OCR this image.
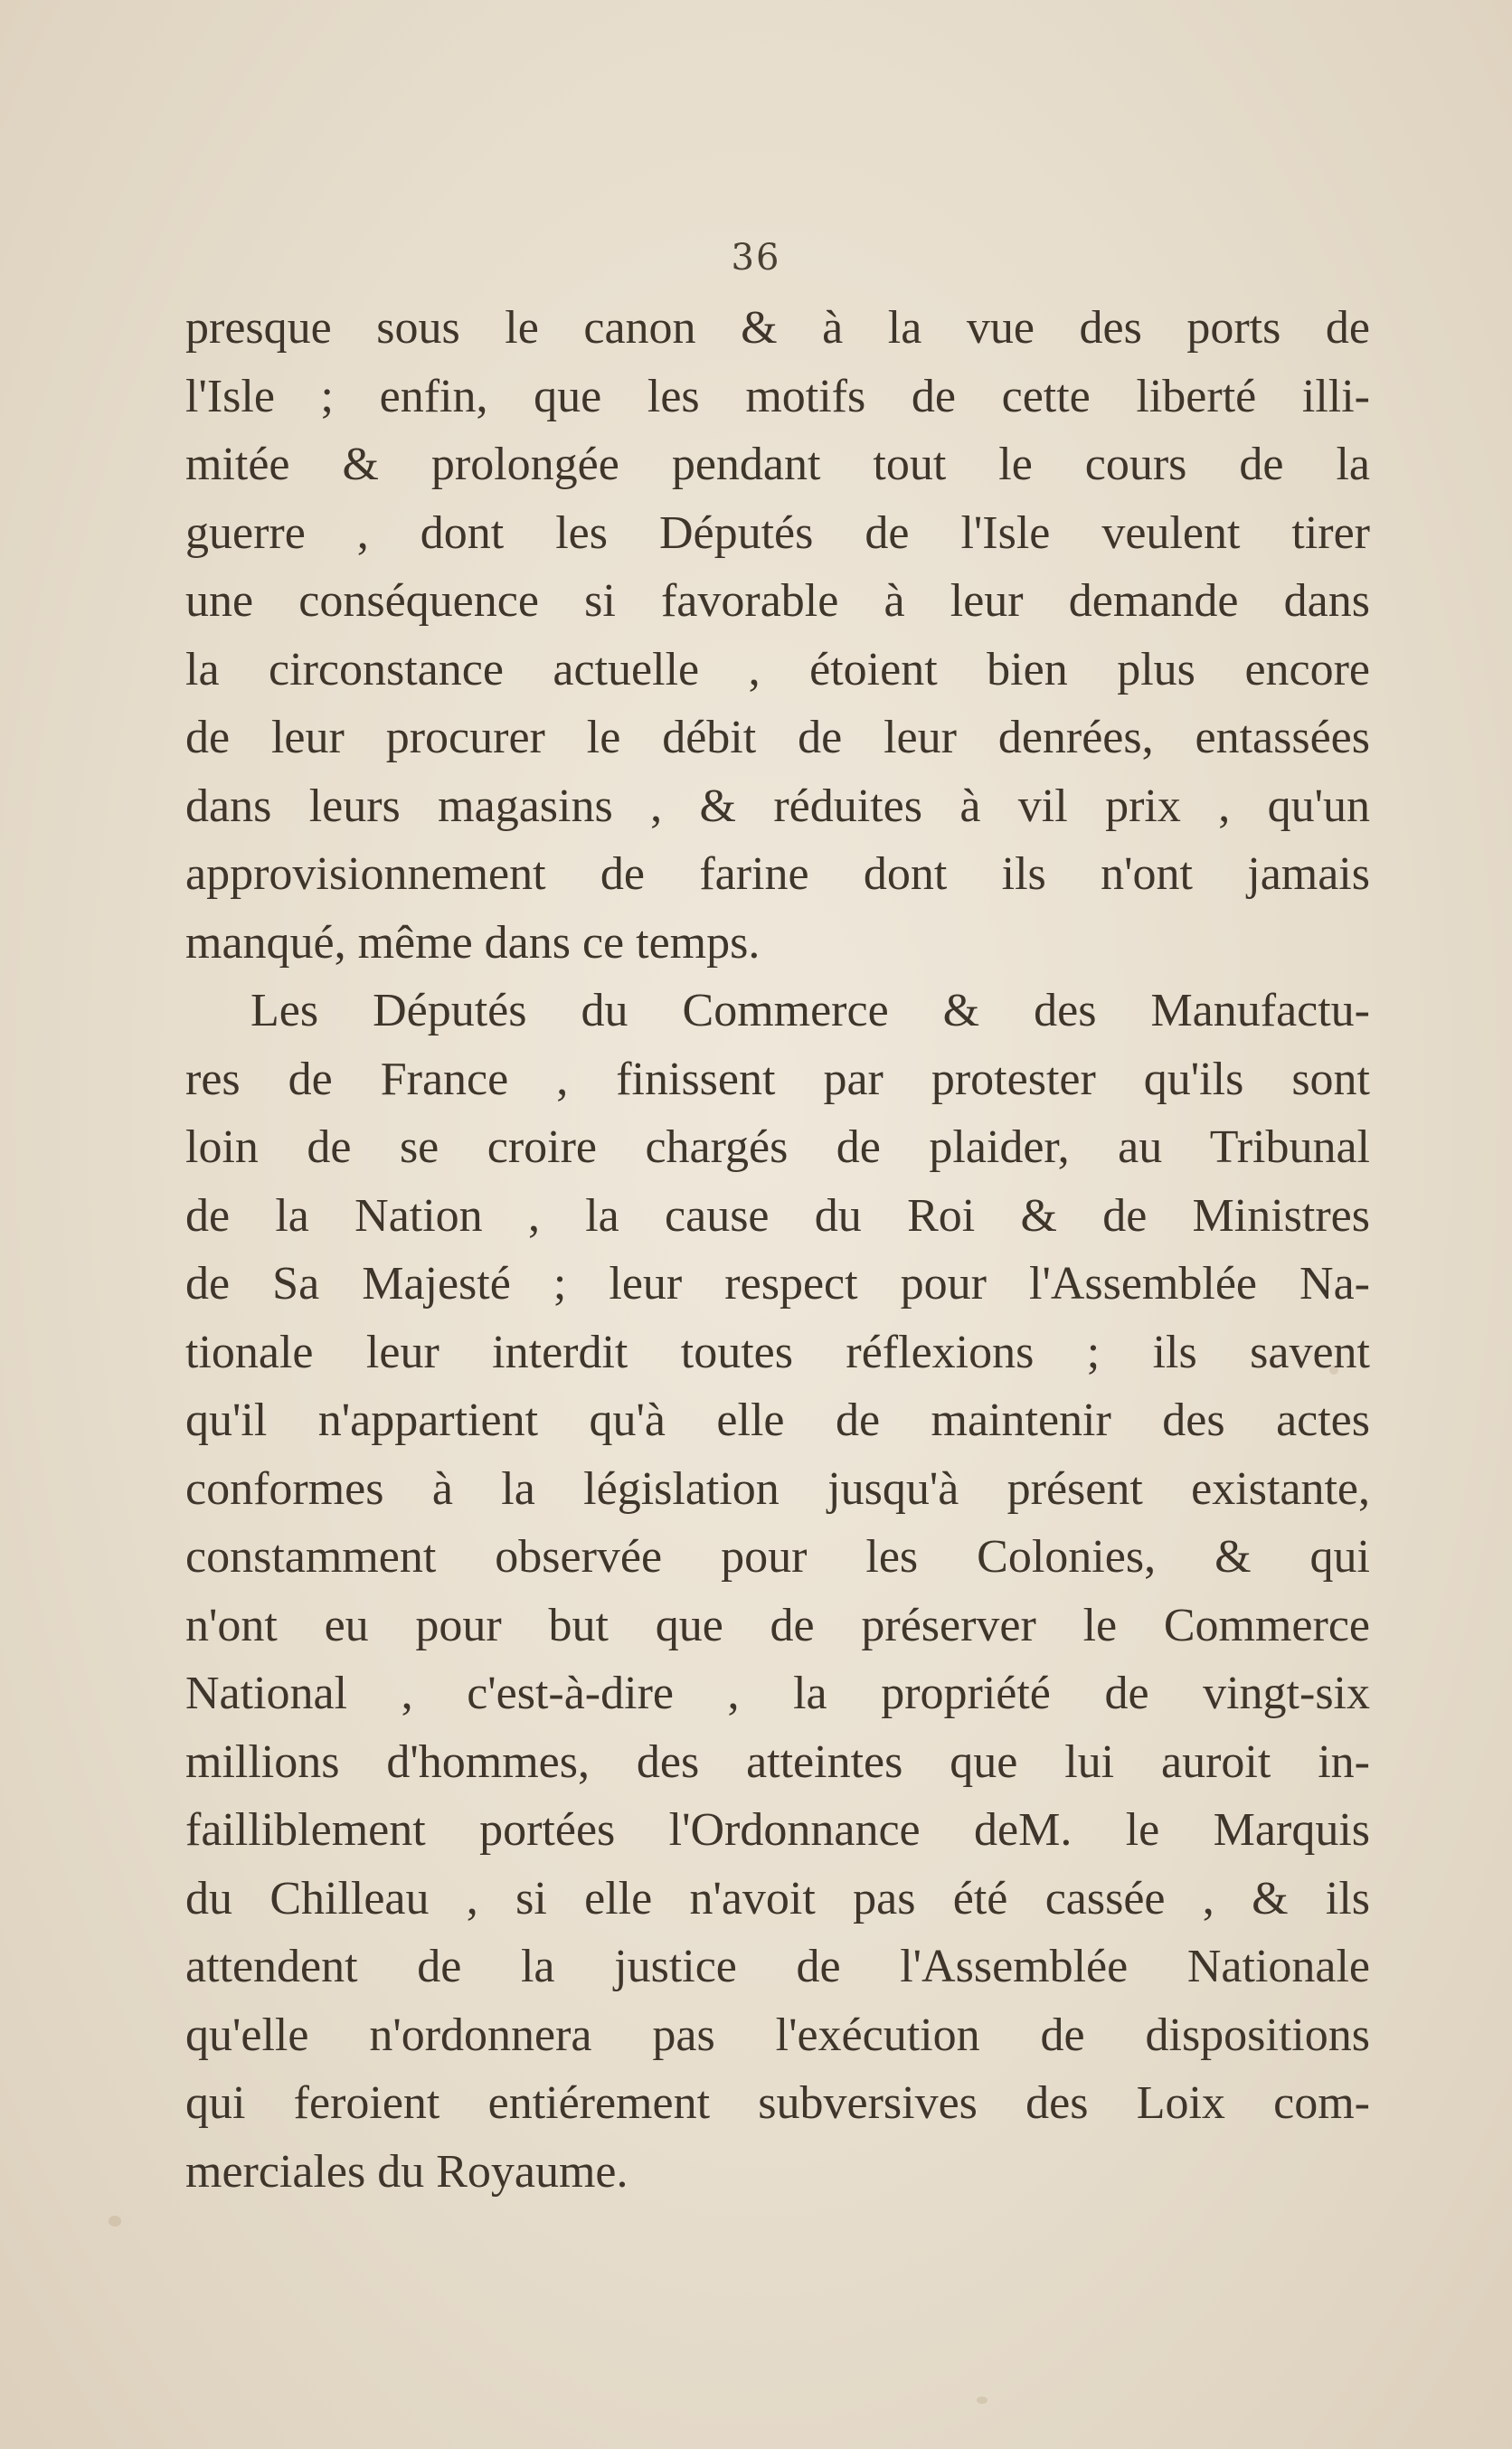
36
presque sous le canon & à la vue des ports de
l'Isle ; enfin, que les motifs de cette liberté illi-
mitée & prolongée pendant tout le cours de la
guerre , dont les Députés de l'Isle veulent tirer
une conséquence si favorable à leur demande dans
la circonstance actuelle , étoient bien plus encore
de leur procurer le débit de leur denrées, entassées
dans leurs magasins , & réduites à vil prix , qu'un
approvisionnement de farine dont ils n'ont jamais
manqué, même dans ce temps.
Les Députés du Commerce & des Manufactu-
res de France , finissent par protester qu'ils sont
loin de se croire chargés de plaider, au Tribunal
de la Nation , la cause du Roi & de Ministres
de Sa Majesté ; leur respect pour l'Assemblée Na-
tionale leur interdit toutes réflexions ; ils savent
qu'il n'appartient qu'à elle de maintenir des actes
conformes à la législation jusqu'à présent existante,
constamment observée pour les Colonies, & qui
n'ont eu pour but que de préserver le Commerce
National , c'est-à-dire , la propriété de vingt-six
millions d'hommes, des atteintes que lui auroit in-
failliblement portées l'Ordonnance deM. le Marquis
du Chilleau , si elle n'avoit pas été cassée , & ils
attendent de la justice de l'Assemblée Nationale
qu'elle n'ordonnera pas l'exécution de dispositions
qui feroient entiérement subversives des Loix com-
merciales du Royaume.
